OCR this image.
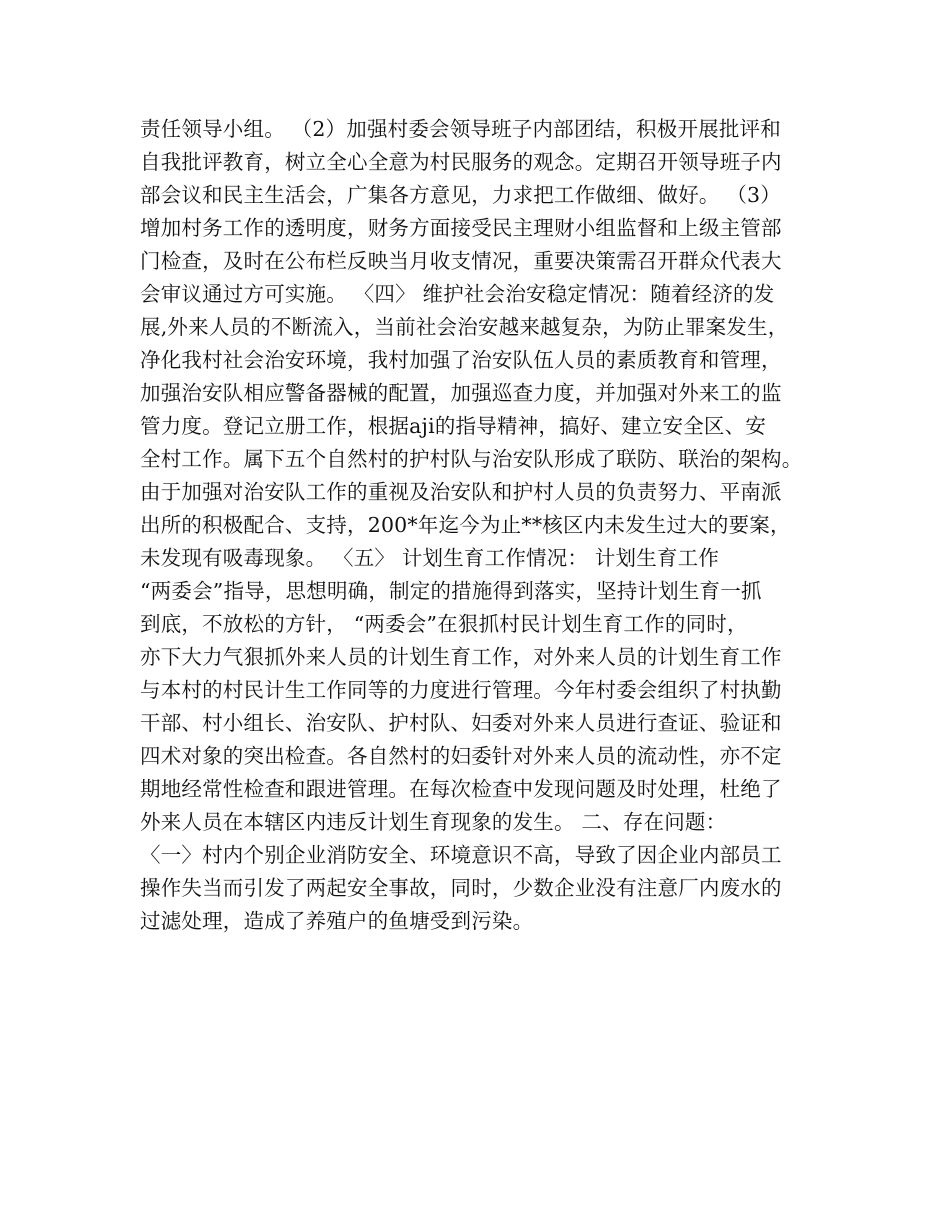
责任领导小组。 （2）加强村委会领导班子内部团结，积极开展批评和
自我批评教育，树立全心全意为村民服务的观念。定期召开领导班子内
部会议和民主生活会，广集各方意见，力求把工作做细、做好。 （3）
增加村务工作的透明度，财务方面接受民主理财小组监督和上级主管部
门检查，及时在公布栏反映当月收支情况，重要决策需召开群众代表大
会审议通过方可实施。 〈四〉 维护社会治安稳定情况：随着经济的发
展,外来人员的不断流入，当前社会治安越来越复杂，为防止罪案发生，
净化我村社会治安环境，我村加强了治安队伍人员的素质教育和管理，
加强治安队相应警备器械的配置，加强巡查力度，并加强对外来工的监
管力度。登记立册工作，根据aji的指导精神，搞好、建立安全区、安
全村工作。属下五个自然村的护村队与治安队形成了联防、联治的架构。
由于加强对治安队工作的重视及治安队和护村人员的负责努力、平南派
出所的积极配合、支持，200*年迄今为止**核区内未发生过大的要案，
未发现有吸毒现象。 〈五〉 计划生育工作情况： 计划生育工作
“两委会”指导，思想明确，制定的措施得到落实，坚持计划生育一抓
到底，不放松的方针， “两委会”在狠抓村民计划生育工作的同时，
亦下大力气狠抓外来人员的计划生育工作，对外来人员的计划生育工作
与本村的村民计生工作同等的力度进行管理。今年村委会组织了村执勤
干部、村小组长、治安队、护村队、妇委对外来人员进行查证、验证和
四术对象的突出检查。各自然村的妇委针对外来人员的流动性，亦不定
期地经常性检查和跟进管理。在每次检查中发现问题及时处理，杜绝了
外来人员在本辖区内违反计划生育现象的发生。 二、存在问题：
〈一〉村内个别企业消防安全、环境意识不高，导致了因企业内部员工
操作失当而引发了两起安全事故，同时，少数企业没有注意厂内废水的
过滤处理，造成了养殖户的鱼塘受到污染。
